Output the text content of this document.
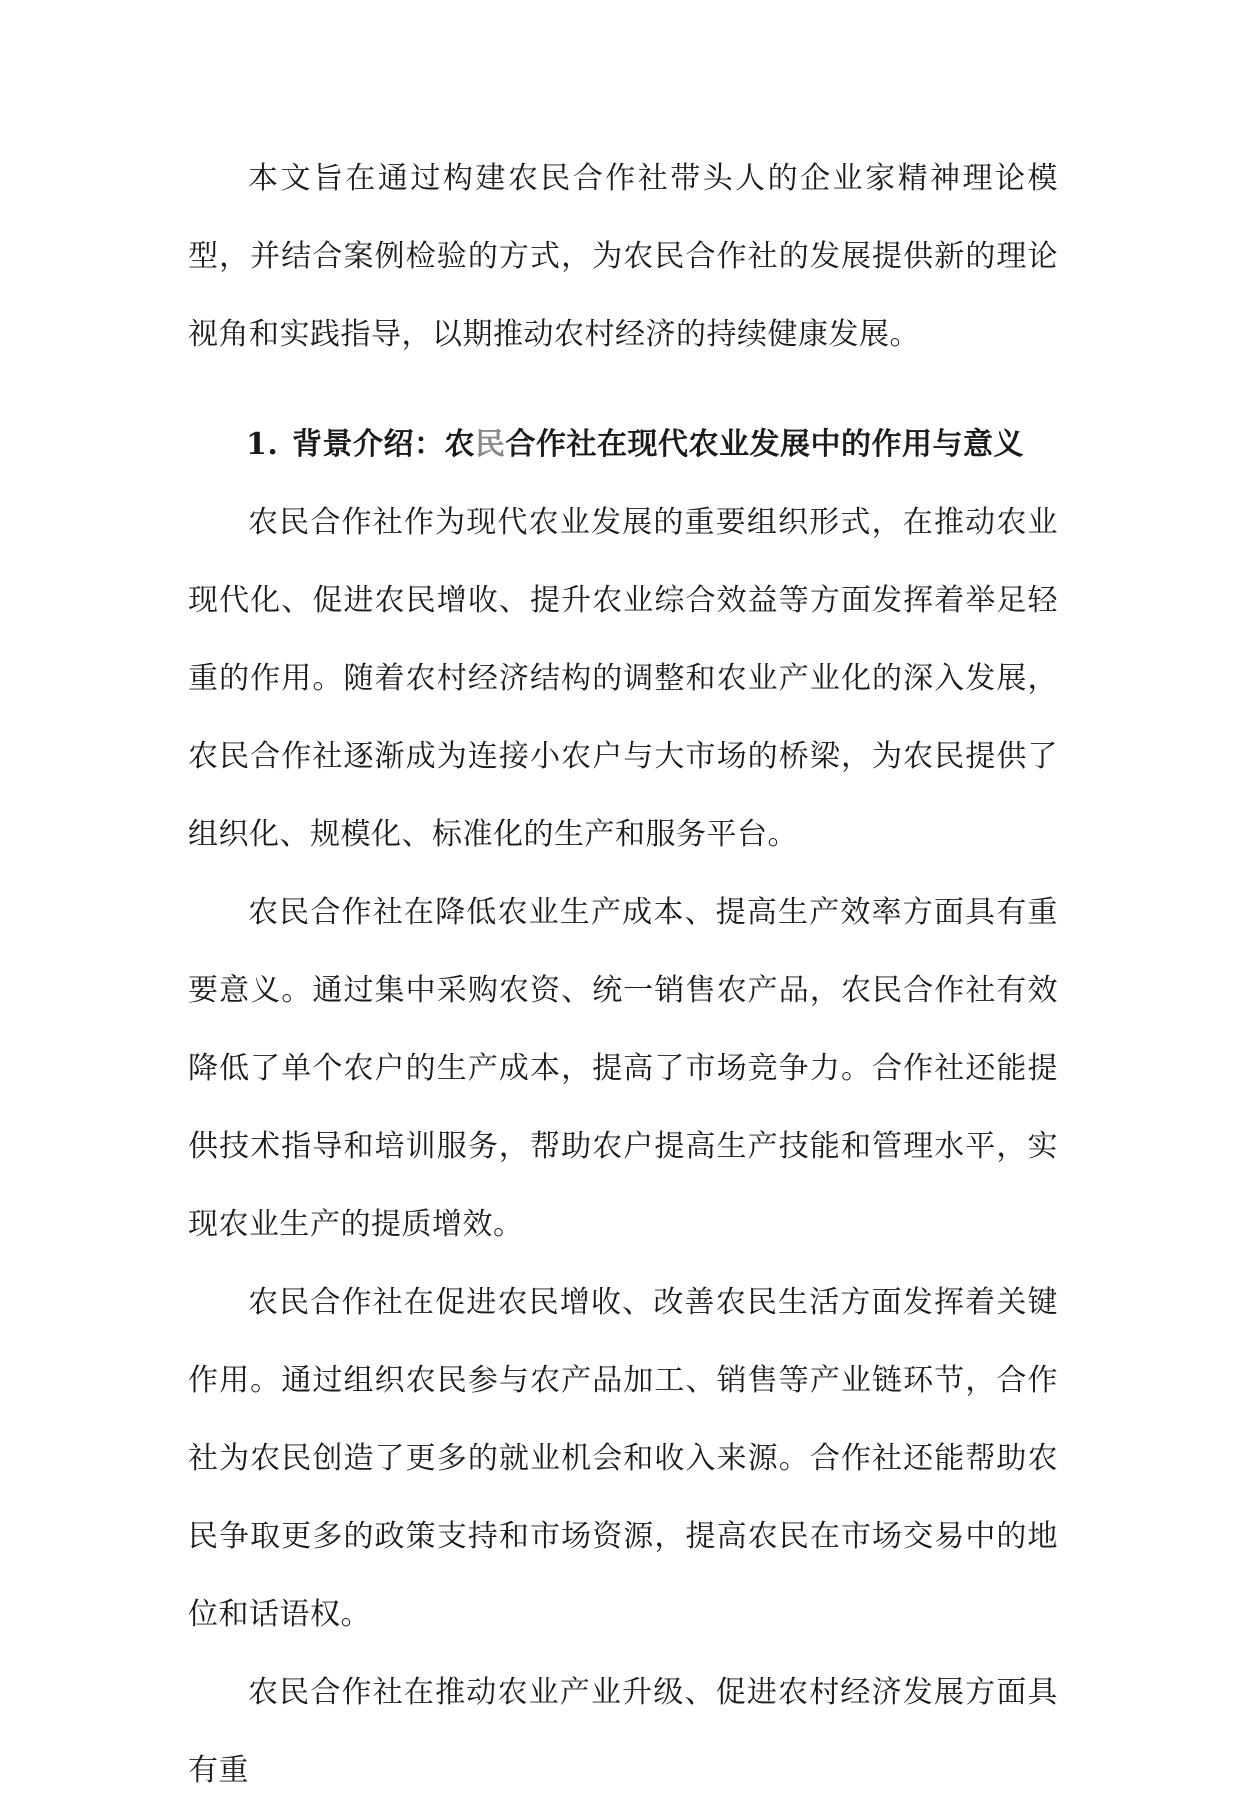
本文旨在通过构建农民合作社带头人的企业家精神理论模型，并结合案例检验的方式，为农民合作社的发展提供新的理论视角和实践指导，以期推动农村经济的持续健康发展。

1. 背景介绍：农民合作社在现代农业发展中的作用与意义

农民合作社作为现代农业发展的重要组织形式，在推动农业现代化、促进农民增收、提升农业综合效益等方面发挥着举足轻重的作用。随着农村经济结构的调整和农业产业化的深入发展，农民合作社逐渐成为连接小农户与大市场的桥梁，为农民提供了组织化、规模化、标准化的生产和服务平台。

农民合作社在降低农业生产成本、提高生产效率方面具有重要意义。通过集中采购农资、统一销售农产品，农民合作社有效降低了单个农户的生产成本，提高了市场竞争力。合作社还能提供技术指导和培训服务，帮助农户提高生产技能和管理水平，实现农业生产的提质增效。

农民合作社在促进农民增收、改善农民生活方面发挥着关键作用。通过组织农民参与农产品加工、销售等产业链环节，合作社为农民创造了更多的就业机会和收入来源。合作社还能帮助农民争取更多的政策支持和市场资源，提高农民在市场交易中的地位和话语权。

农民合作社在推动农业产业升级、促进农村经济发展方面具有重
